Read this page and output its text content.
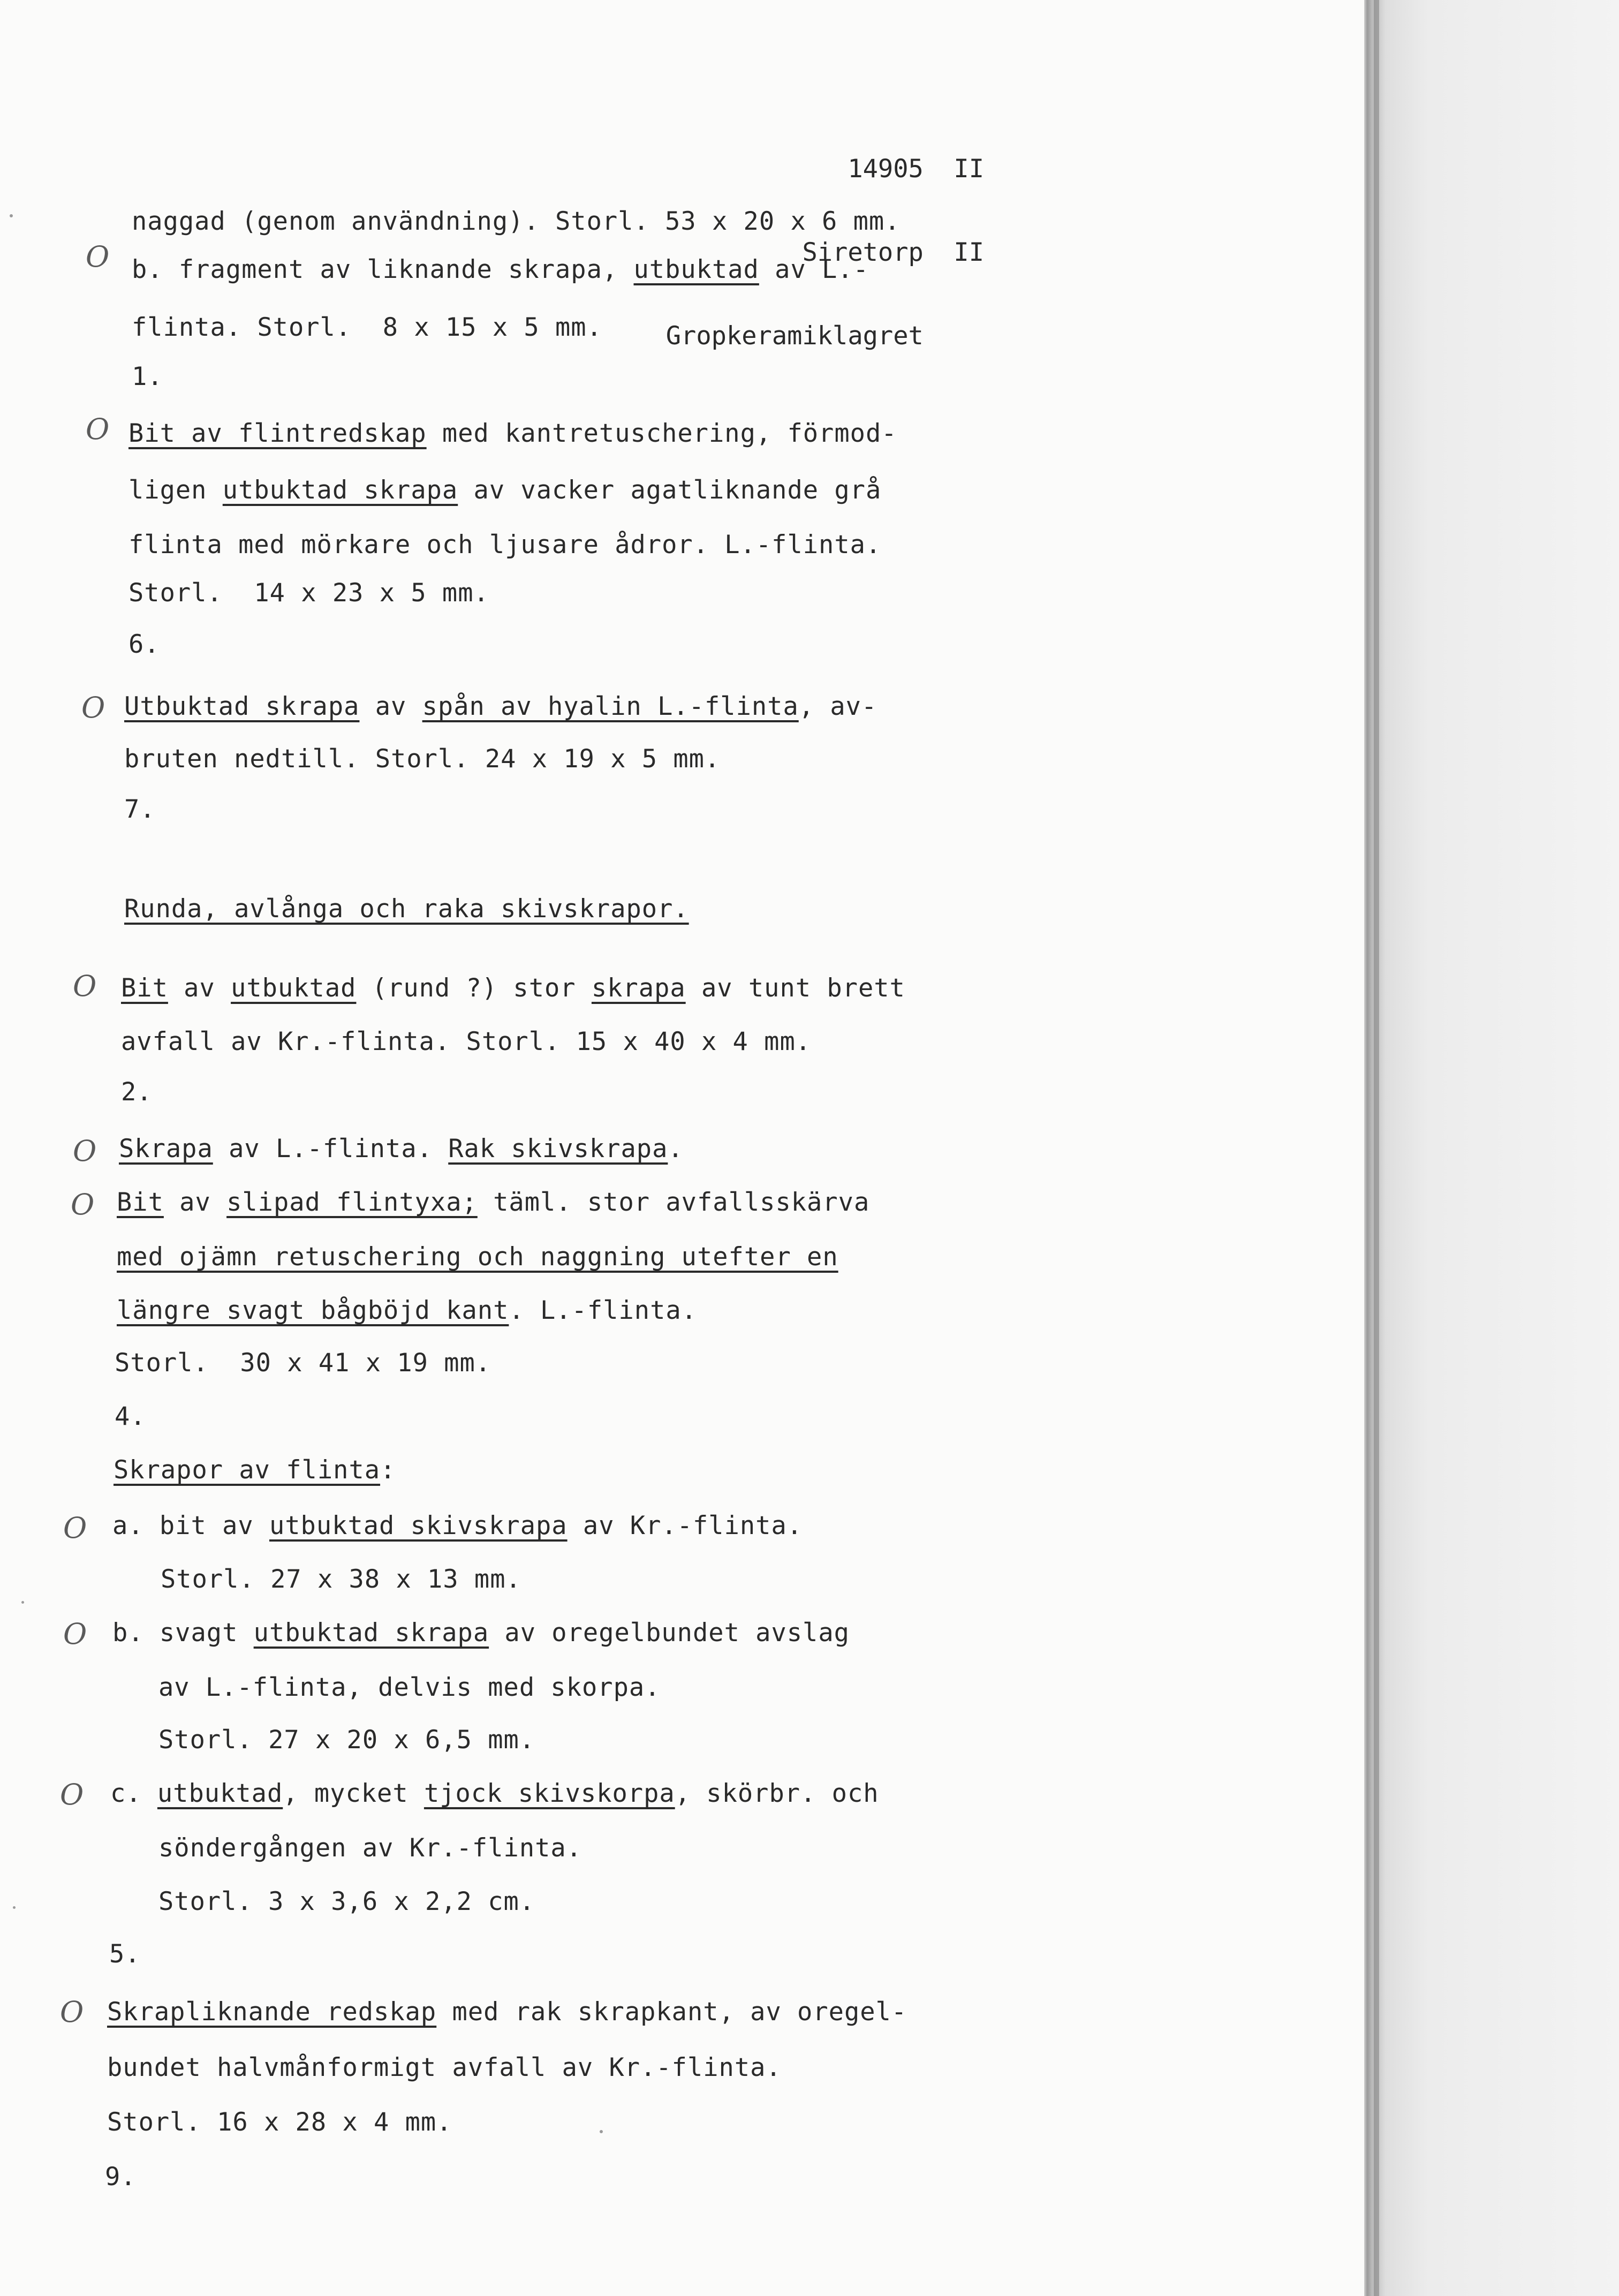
14905 II

Siretorp II

Gropkeramiklagret

O
O
O
O
O
O
O
O
O
O
naggad (genom användning). Storl. 53 x 20 x 6 mm.
b. fragment av liknande skrapa, utbuktad av L.-
flinta. Storl.  8 x 15 x 5 mm.
1.
Bit av flintredskap med kantretuschering, förmod-
ligen utbuktad skrapa av vacker agatliknande grå
flinta med mörkare och ljusare ådror. L.-flinta.
Storl.  14 x 23 x 5 mm.
6.
Utbuktad skrapa av spån av hyalin L.-flinta, av-
bruten nedtill. Storl. 24 x 19 x 5 mm.
7.
Runda, avlånga och raka skivskrapor.
Bit av utbuktad (rund ?) stor skrapa av tunt brett
avfall av Kr.-flinta. Storl. 15 x 40 x 4 mm.
2.
Skrapa av L.-flinta. Rak skivskrapa.
Bit av slipad flintyxa; täml. stor avfallsskärva
med ojämn retuschering och naggning utefter en
längre svagt bågböjd kant. L.-flinta.
Storl.  30 x 41 x 19 mm.
4.
Skrapor av flinta:
a. bit av utbuktad skivskrapa av Kr.-flinta.
Storl. 27 x 38 x 13 mm.
b. svagt utbuktad skrapa av oregelbundet avslag
av L.-flinta, delvis med skorpa.
Storl. 27 x 20 x 6,5 mm.
c. utbuktad, mycket tjock skivskorpa, skörbr. och
söndergången av Kr.-flinta.
Storl. 3 x 3,6 x 2,2 cm.
5.
Skrapliknande redskap med rak skrapkant, av oregel-
bundet halvmånformigt avfall av Kr.-flinta.
Storl. 16 x 28 x 4 mm.
9.
